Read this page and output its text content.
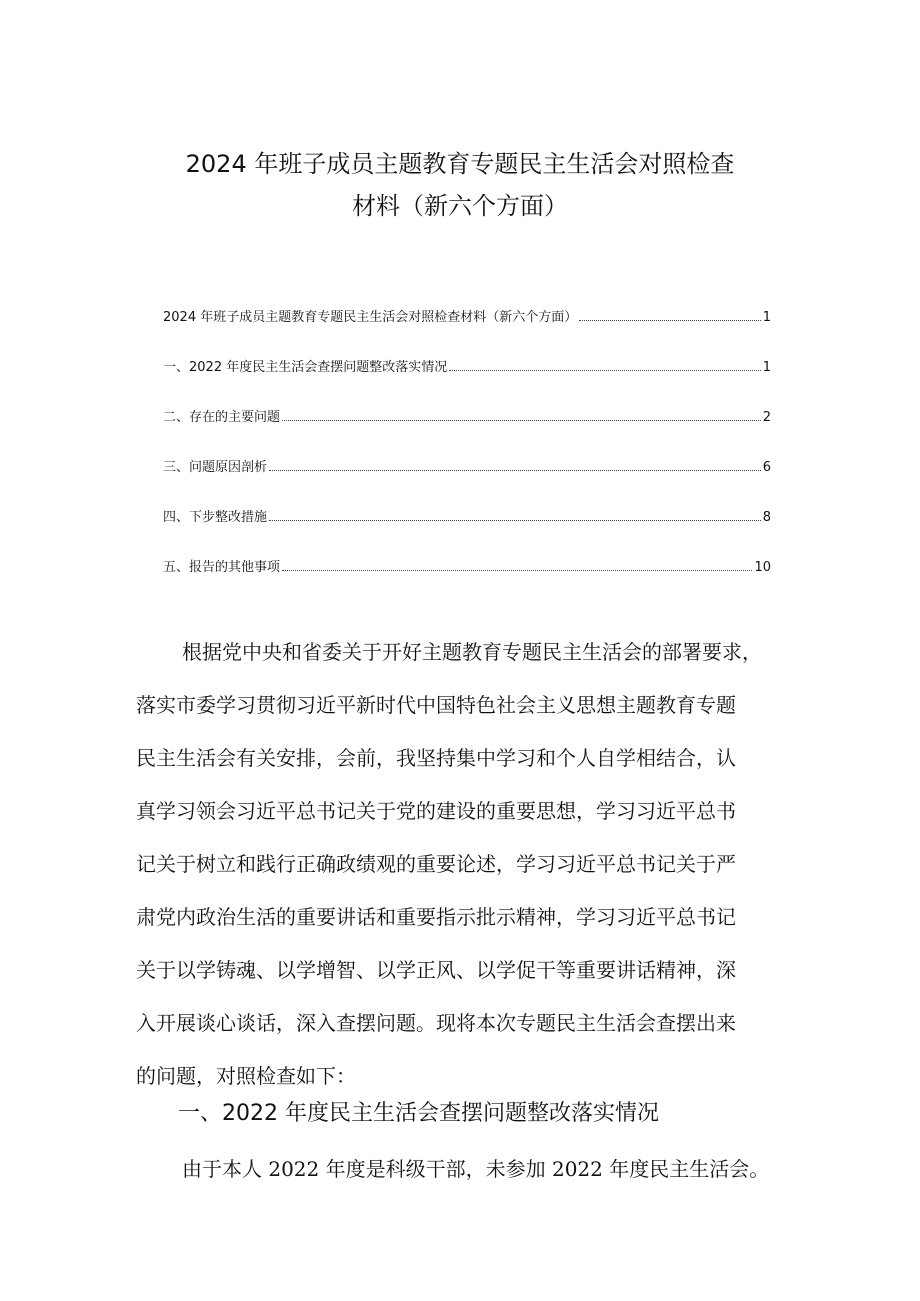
2024 年班子成员主题教育专题民主生活会对照检查
材料（新六个方面）
2024 年班子成员主题教育专题民主生活会对照检查材料（新六个方面）	1
一、2022 年度民主生活会查摆问题整改落实情况	1
二、存在的主要问题	2
三、问题原因剖析	6
四、下步整改措施	8
五、报告的其他事项	10
根据党中央和省委关于开好主题教育专题民主生活会的部署要求，
落实市委学习贯彻习近平新时代中国特色社会主义思想主题教育专题
民主生活会有关安排，会前，我坚持集中学习和个人自学相结合，认
真学习领会习近平总书记关于党的建设的重要思想，学习习近平总书
记关于树立和践行正确政绩观的重要论述，学习习近平总书记关于严
肃党内政治生活的重要讲话和重要指示批示精神，学习习近平总书记
关于以学铸魂、以学增智、以学正风、以学促干等重要讲话精神，深
入开展谈心谈话，深入查摆问题。现将本次专题民主生活会查摆出来
的问题，对照检查如下：
一、2022 年度民主生活会查摆问题整改落实情况
由于本人 2022 年度是科级干部，未参加 2022 年度民主生活会。
